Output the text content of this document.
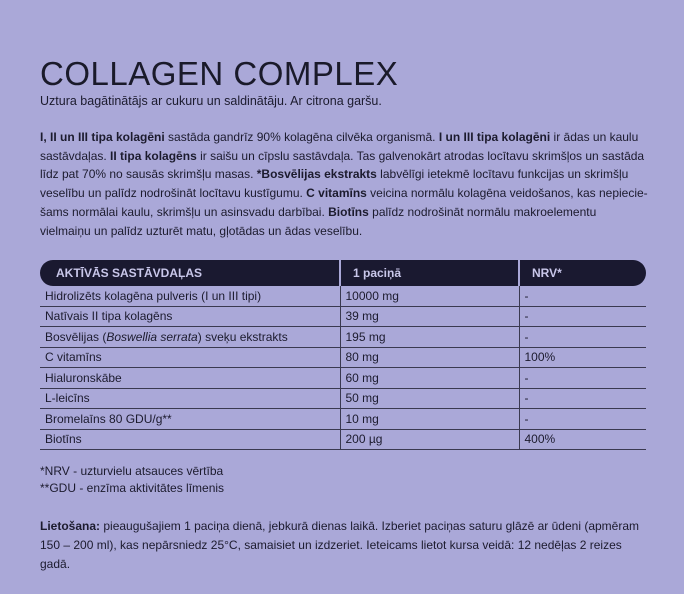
COLLAGEN COMPLEX
Uztura bagātinātājs ar cukuru un saldinātāju. Ar citrona garšu.
I, II un III tipa kolagēni sastāda gandrīz 90% kolagēna cilvēka organismā. I un III tipa kolagēni ir ādas un kaulu sastāvdaļas. II tipa kolagēns ir saišu un cīpslu sastāvdaļa. Tas galvenokārt atrodas locītavu skrimšļos un sastāda līdz pat 70% no sausās skrimšļu masas. *Bosvēlijas ekstrakts labvēlīgi ietekmē locītavu funkcijas un skrimšļu veselību un palīdz nodrošināt locītavu kustīgumu. C vitamīns veicina normālu kolagēna veidošanos, kas nepiecie-šams normālai kaulu, skrimšļu un asinsvadu darbībai. Biotīns palīdz nodrošināt normālu makroelementu vielmaiņu un palīdz uzturēt matu, gļotādas un ādas veselību.
AKTĪVĀS SASTĀVDAĻAS	1 paciņā	NRV*
Hidrolizēts kolagēna pulveris (I un III tipi)	10000 mg	-
Natīvais II tipa kolagēns	39 mg	-
Bosvēlijas (Boswellia serrata) sveķu ekstrakts	195 mg	-
C vitamīns	80 mg	100%
Hialuronskābe	60 mg	-
L-leicīns	50 mg	-
Bromelaīns 80 GDU/g**	10 mg	-
Biotīns	200 µg	400%
*NRV - uzturvielu atsauces vērtība
**GDU - enzīma aktivitātes līmenis
Lietošana: pieaugušajiem 1 paciņa dienā, jebkurā dienas laikā. Izberiet paciņas saturu glāzē ar ūdeni (apmēram 150 – 200 ml), kas nepārsniedz 25°C, samaisiet un izdzeriet. Ieteicams lietot kursa veidā: 12 nedēļas 2 reizes gadā.
